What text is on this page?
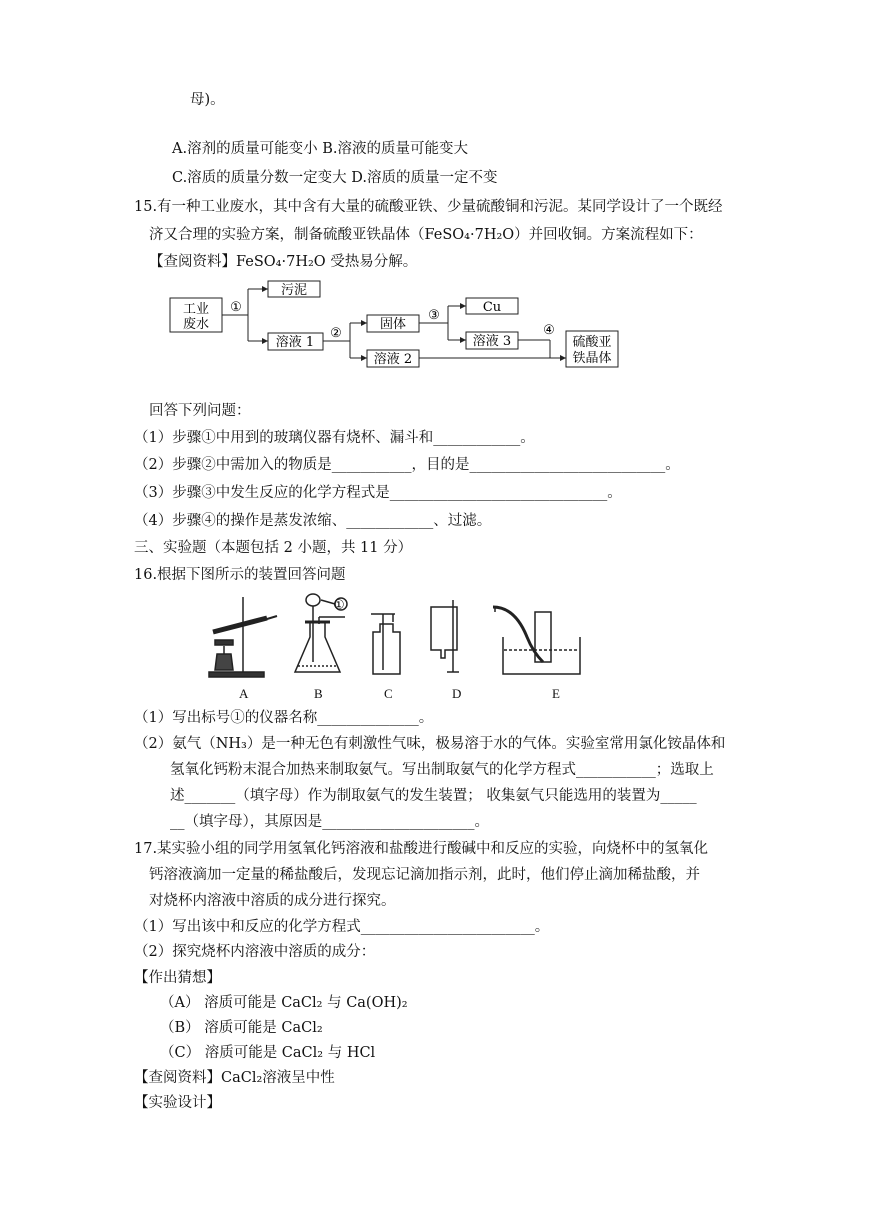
母)。
A.溶剂的质量可能变小 B.溶液的质量可能变大
C.溶质的质量分数一定变大 D.溶质的质量一定不变
15.有一种工业废水，其中含有大量的硫酸亚铁、少量硫酸铜和污泥。某同学设计了一个既经
济又合理的实验方案，制备硫酸亚铁晶体（FeSO₄·7H₂O）并回收铜。方案流程如下：
【查阅资料】FeSO₄·7H₂O 受热易分解。
工业
废水
①
污泥
溶液 1
②
固体
溶液 2
③
Cu
溶液 3
④
硫酸亚
铁晶体
回答下列问题：
（1）步骤①中用到的玻璃仪器有烧杯、漏斗和____________。
（2）步骤②中需加入的物质是___________，目的是___________________________。
（3）步骤③中发生反应的化学方程式是______________________________。
（4）步骤④的操作是蒸发浓缩、____________、过滤。
三、实验题（本题包括 2 小题，共 11 分）
16.根据下图所示的装置回答问题
①
A	B	C	D	E
（1）写出标号①的仪器名称______________。
（2）氨气（NH₃）是一种无色有刺激性气味，极易溶于水的气体。实验室常用氯化铵晶体和
氢氧化钙粉末混合加热来制取氨气。写出制取氨气的化学方程式___________；选取上
述_______（填字母）作为制取氨气的发生装置； 收集氨气只能选用的装置为_____
__（填字母），其原因是_____________________。
17.某实验小组的同学用氢氧化钙溶液和盐酸进行酸碱中和反应的实验，向烧杯中的氢氧化
钙溶液滴加一定量的稀盐酸后，发现忘记滴加指示剂，此时，他们停止滴加稀盐酸，并
对烧杯内溶液中溶质的成分进行探究。
（1）写出该中和反应的化学方程式________________________。
（2）探究烧杯内溶液中溶质的成分：
【作出猜想】
（A） 溶质可能是 CaCl₂ 与 Ca(OH)₂
（B） 溶质可能是 CaCl₂
（C） 溶质可能是 CaCl₂ 与 HCl
【查阅资料】CaCl₂溶液呈中性
【实验设计】
